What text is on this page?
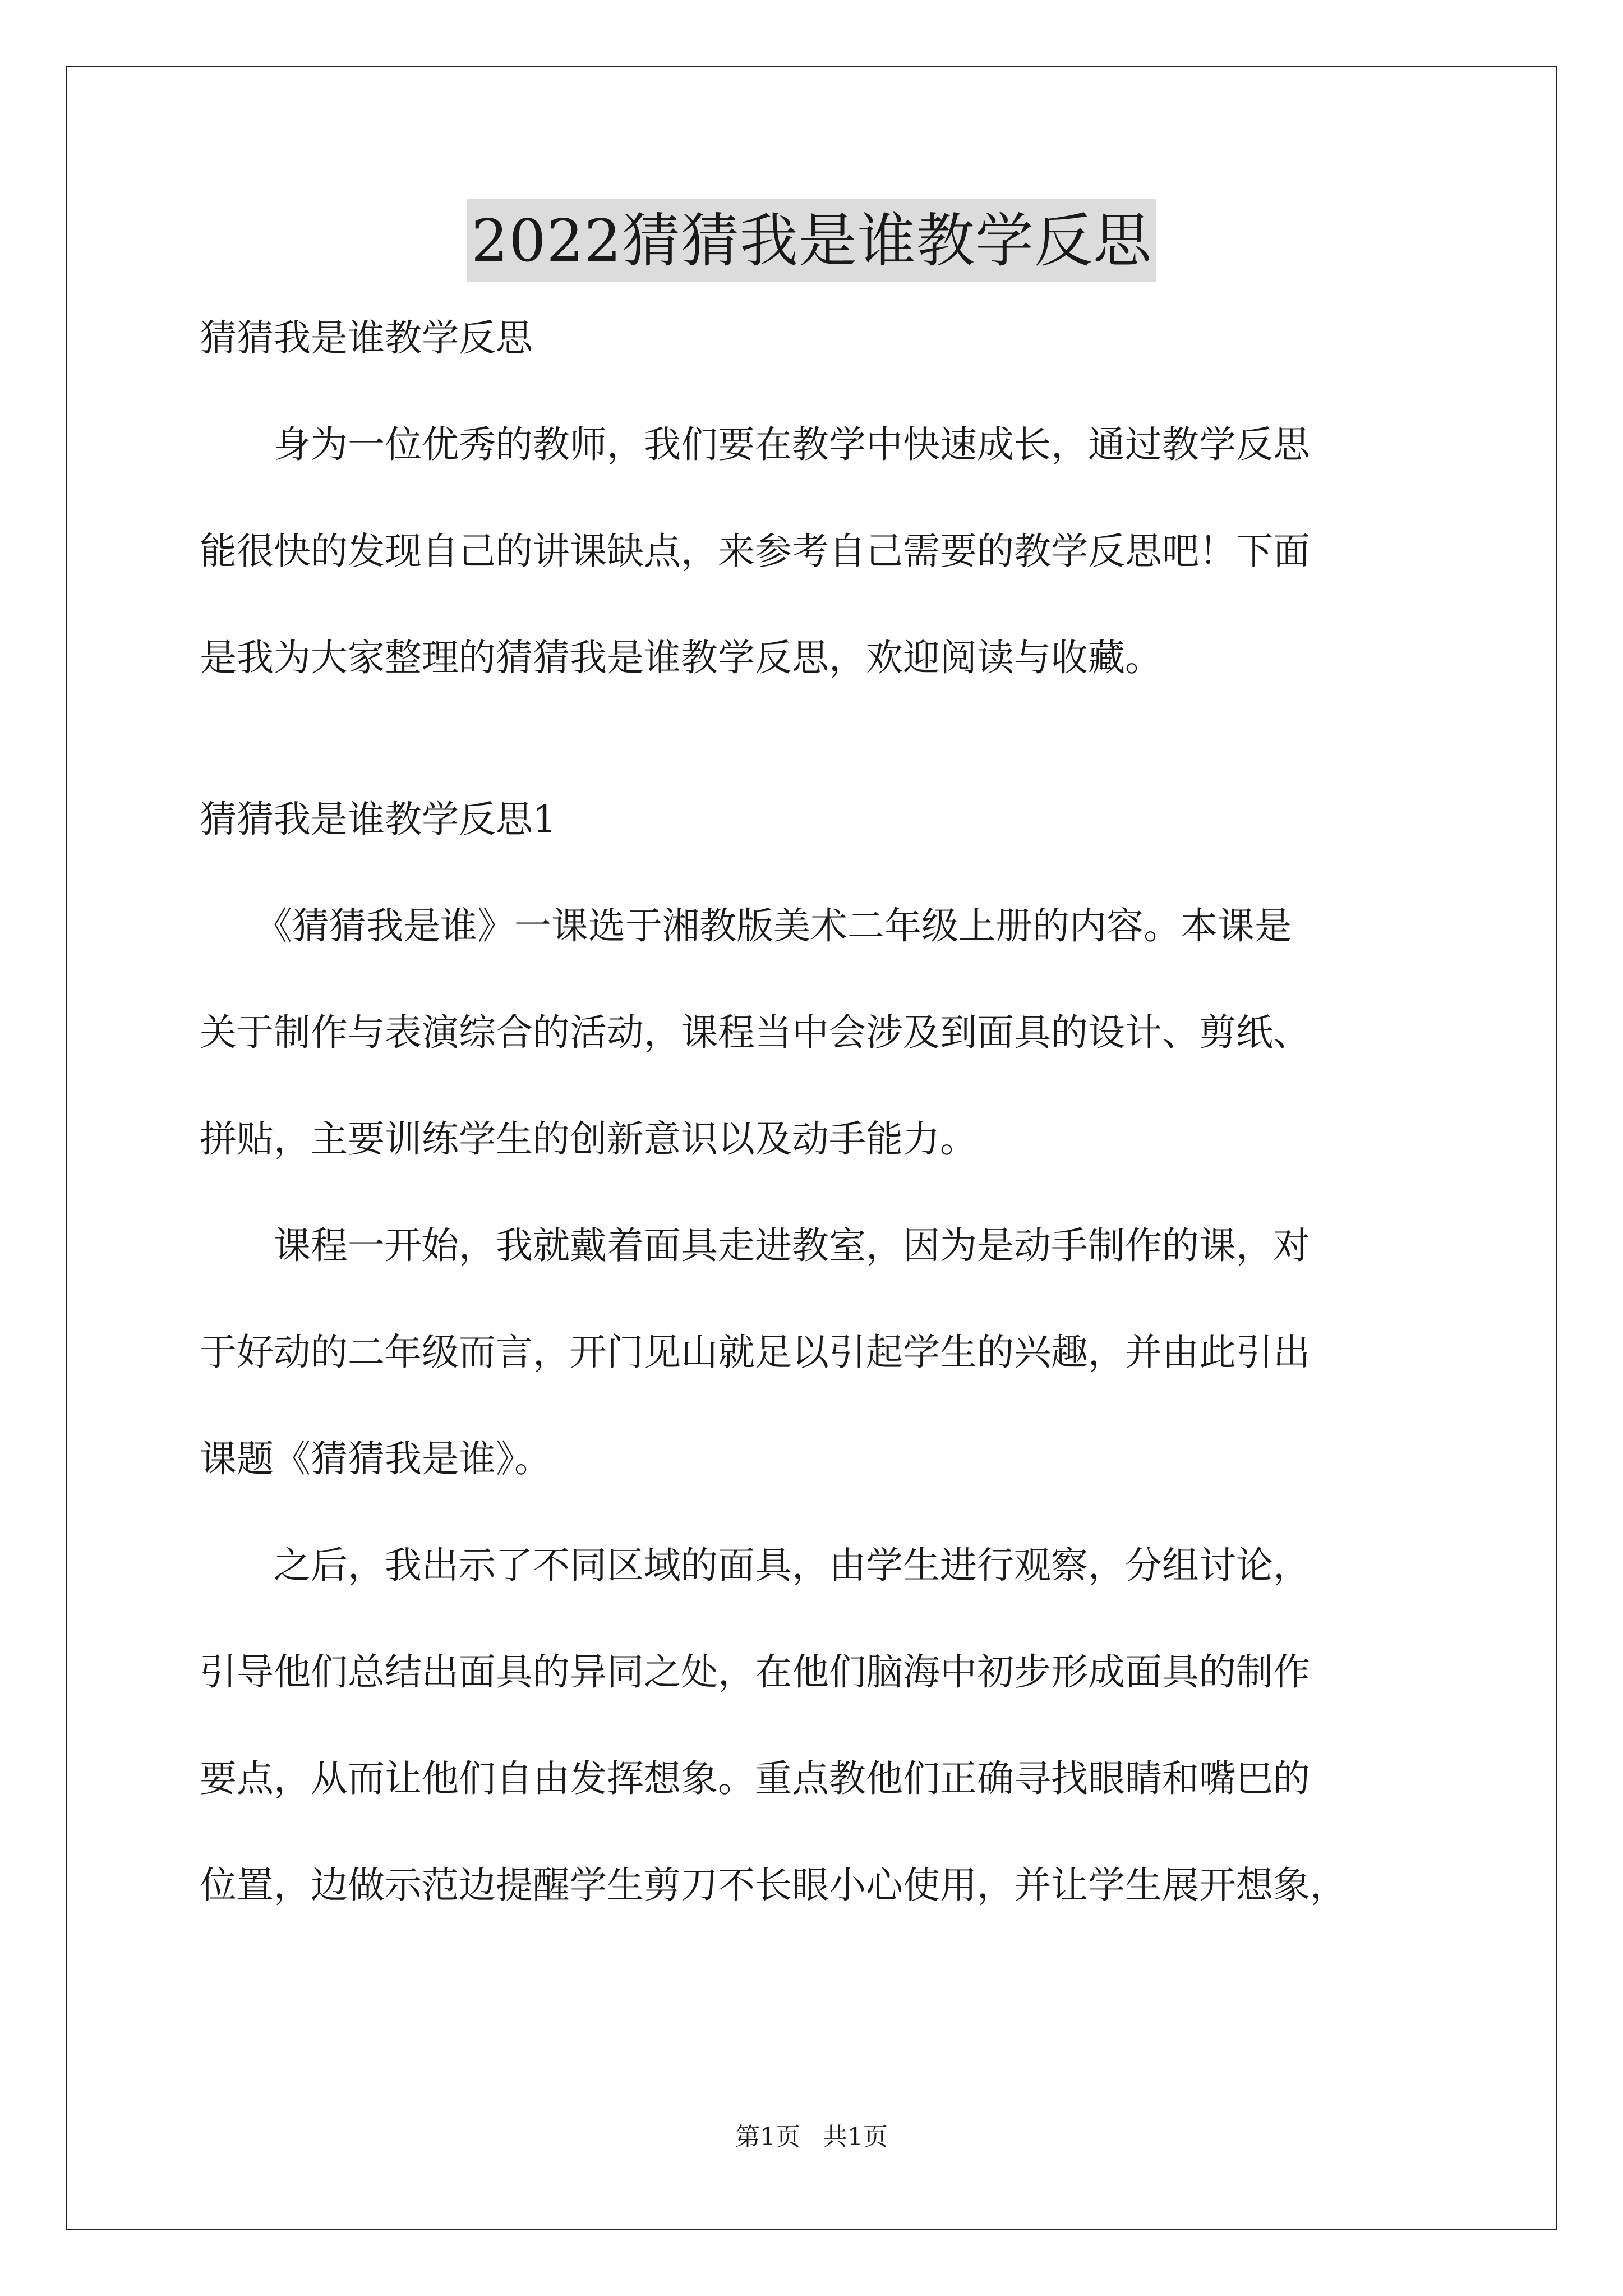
2022猜猜我是谁教学反思
猜猜我是谁教学反思
　　身为一位优秀的教师，我们要在教学中快速成长，通过教学反思
能很快的发现自己的讲课缺点，来参考自己需要的教学反思吧！下面
是我为大家整理的猜猜我是谁教学反思，欢迎阅读与收藏。
猜猜我是谁教学反思1
　　《猜猜我是谁》一课选于湘教版美术二年级上册的内容。本课是
关于制作与表演综合的活动，课程当中会涉及到面具的设计、剪纸、
拼贴，主要训练学生的创新意识以及动手能力。
　　课程一开始，我就戴着面具走进教室，因为是动手制作的课，对
于好动的二年级而言，开门见山就足以引起学生的兴趣，并由此引出
课题《猜猜我是谁》。
　　之后，我出示了不同区域的面具，由学生进行观察，分组讨论，
引导他们总结出面具的异同之处，在他们脑海中初步形成面具的制作
要点，从而让他们自由发挥想象。重点教他们正确寻找眼睛和嘴巴的
位置，边做示范边提醒学生剪刀不长眼小心使用，并让学生展开想象，
第1页 共1页
